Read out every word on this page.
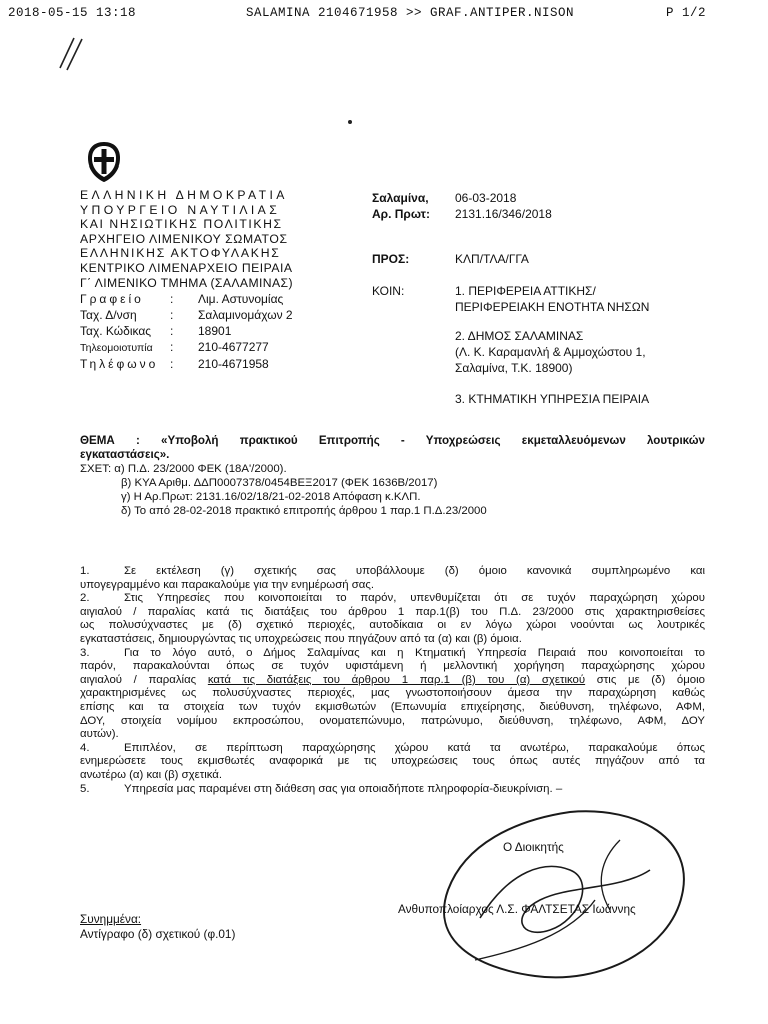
2018-05-15 13:18	SALAMINA 2104671958 >> GRAF.ANTIPER.NISON	P 1/2
ΕΛΛΗΝΙΚΗ ΔΗΜΟΚΡΑΤΙΑ
ΥΠΟΥΡΓΕΙΟ ΝΑΥΤΙΛΙΑΣ
ΚΑΙ ΝΗΣΙΩΤΙΚΗΣ ΠΟΛΙΤΙΚΗΣ
ΑΡΧΗΓΕΙΟ ΛΙΜΕΝΙΚΟΥ ΣΩΜΑΤΟΣ
ΕΛΛΗΝΙΚΗΣ ΑΚΤΟΦΥΛΑΚΗΣ
ΚΕΝΤΡΙΚΟ ΛΙΜΕΝΑΡΧΕΙΟ ΠΕΙΡΑΙΑ
Γ΄ ΛΙΜΕΝΙΚΟ ΤΜΗΜΑ (ΣΑΛΑΜΙΝΑΣ)
Γραφείο : Λιμ. Αστυνομίας
Ταχ. Δ/νση	: Σαλαμινομάχων 2
Ταχ. Κώδικας : 18901
Τηλεομοιοτυπία : 210-4677277
Τηλέφωνο : 210-4671958
Σαλαμίνα, 06-03-2018
Αρ. Πρωτ: 2131.16/346/2018
ΠΡΟΣ:	ΚΛΠ/ΤΛΑ/ΓΓΑ
ΚΟΙΝ:	1. ΠΕΡΙΦΕΡΕΙΑ ΑΤΤΙΚΗΣ/
ΠΕΡΙΦΕΡΕΙΑΚΗ ΕΝΟΤΗΤΑ ΝΗΣΩΝ
2. ΔΗΜΟΣ ΣΑΛΑΜΙΝΑΣ
(Λ. Κ. Καραμανλή & Αμμοχώστου 1,
Σαλαμίνα, Τ.Κ. 18900)
3. ΚΤΗΜΑΤΙΚΗ ΥΠΗΡΕΣΙΑ ΠΕΙΡΑΙΑ
ΘΕΜΑ : «Υποβολή πρακτικού Επιτροπής - Υποχρεώσεις εκμεταλλευόμενων λουτρικών
εγκαταστάσεις».
ΣΧΕΤ: α) Π.Δ. 23/2000 ΦΕΚ (18Α'/2000).
β) ΚΥΑ Αριθμ. ΔΔΠ0007378/0454ΒΕΞ2017 (ΦΕΚ 1636Β/2017)
γ) Η Αρ.Πρωτ: 2131.16/02/18/21-02-2018 Απόφαση κ.ΚΛΠ.
δ) Το από 28-02-2018 πρακτικό επιτροπής άρθρου 1 παρ.1 Π.Δ.23/2000
1.	Σε εκτέλεση (γ) σχετικής σας υποβάλλουμε (δ) όμοιο κανονικά συμπληρωμένο και
υπογεγραμμένο και παρακαλούμε για την ενημέρωσή σας.
2.	Στις Υπηρεσίες που κοινοποιείται το παρόν, υπενθυμίζεται ότι σε τυχόν παραχώρηση χώρου
αιγιαλού / παραλίας κατά τις διατάξεις του άρθρου 1 παρ.1(β) του Π.Δ. 23/2000 στις χαρακτηρισθείσες
ως πολυσύχναστες με (δ) σχετικό περιοχές, αυτοδίκαια οι εν λόγω χώροι νοούνται ως λουτρικές
εγκαταστάσεις, δημιουργώντας τις υποχρεώσεις που πηγάζουν από τα (α) και (β) όμοια.
3.	Για το λόγο αυτό, ο Δήμος Σαλαμίνας και η Κτηματική Υπηρεσία Πειραιά που κοινοποιείται το
παρόν, παρακαλούνται όπως σε τυχόν υφιστάμενη ή μελλοντική χορήγηση παραχώρησης χώρου
αιγιαλού / παραλίας κατά τις διατάξεις του άρθρου 1 παρ.1 (β) του (α) σχετικού στις με (δ) όμοιο
χαρακτηρισμένες ως πολυσύχναστες περιοχές, μας γνωστοποιήσουν άμεσα την παραχώρηση καθώς
επίσης και τα στοιχεία των τυχόν εκμισθωτών (Επωνυμία επιχείρησης, διεύθυνση, τηλέφωνο, ΑΦΜ,
ΔΟΥ, στοιχεία νομίμου εκπροσώπου, ονοματεπώνυμο, πατρώνυμο, διεύθυνση, τηλέφωνο, ΑΦΜ, ΔΟΥ
αυτών).
4.	Επιπλέον, σε περίπτωση παραχώρησης χώρου κατά τα ανωτέρω, παρακαλούμε όπως
ενημερώσετε τους εκμισθωτές αναφορικά με τις υποχρεώσεις τους όπως αυτές πηγάζουν από τα
ανωτέρω (α) και (β) σχετικά.
5.	Υπηρεσία μας παραμένει στη διάθεση σας για οποιαδήποτε πληροφορία-διευκρίνιση. –
Ο Διοικητής
Ανθυποπλοίαρχος Λ.Σ. ΦΑΛΤΣΕΤΑΣ Ιωάννης
Συνημμένα:
Αντίγραφο (δ) σχετικού (φ.01)
